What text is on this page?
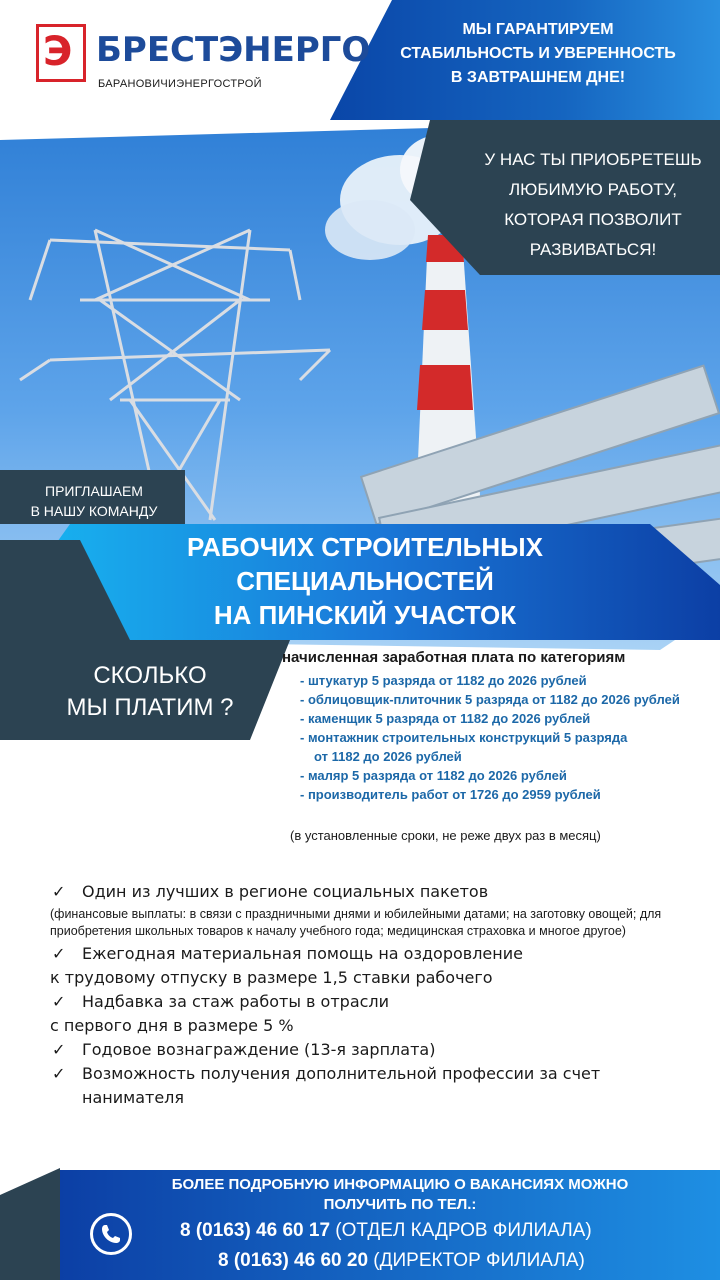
Э БРЕСТЭНЕРГО
БАРАНОВИЧИЭНЕРГОСТРОЙ
МЫ ГАРАНТИРУЕМ
СТАБИЛЬНОСТЬ И УВЕРЕННОСТЬ
В ЗАВТРАШНЕМ ДНЕ!
У НАС ТЫ ПРИОБРЕТЕШЬ
ЛЮБИМУЮ РАБОТУ,
КОТОРАЯ ПОЗВОЛИТ
РАЗВИВАТЬСЯ!
ПРИГЛАШАЕМ
В НАШУ КОМАНДУ
РАБОЧИХ СТРОИТЕЛЬНЫХ
СПЕЦИАЛЬНОСТЕЙ
НА ПИНСКИЙ УЧАСТОК
СКОЛЬКО
МЫ ПЛАТИМ ?
начисленная заработная плата по категориям
- штукатур 5 разряда от 1182 до 2026 рублей
- облицовщик-плиточник 5 разряда от 1182 до 2026 рублей
- каменщик 5 разряда от 1182 до 2026 рублей
- монтажник строительных конструкций 5 разряда
от 1182 до 2026 рублей
- маляр 5 разряда от 1182 до 2026 рублей
- производитель работ от 1726 до 2959 рублей
(в установленные сроки, не реже двух раз в месяц)
✓	Один из лучших в регионе социальных пакетов
(финансовые выплаты: в связи с праздничными днями и юбилейными датами; на заготовку овощей; для приобретения школьных товаров к началу учебного года; медицинская страховка и многое другое)
✓	Ежегодная материальная помощь на оздоровление
к трудовому отпуску в размере 1,5 ставки рабочего
✓	Надбавка за стаж работы в отрасли
с первого дня в размере 5 %
✓	Годовое вознаграждение (13-я зарплата)
✓	Возможность получения дополнительной профессии за счет нанимателя
БОЛЕЕ ПОДРОБНУЮ ИНФОРМАЦИЮ О ВАКАНСИЯХ МОЖНО
ПОЛУЧИТЬ ПО ТЕЛ.:
8 (0163) 46 60 17 (ОТДЕЛ КАДРОВ ФИЛИАЛА)
8 (0163) 46 60 20 (ДИРЕКТОР ФИЛИАЛА)
